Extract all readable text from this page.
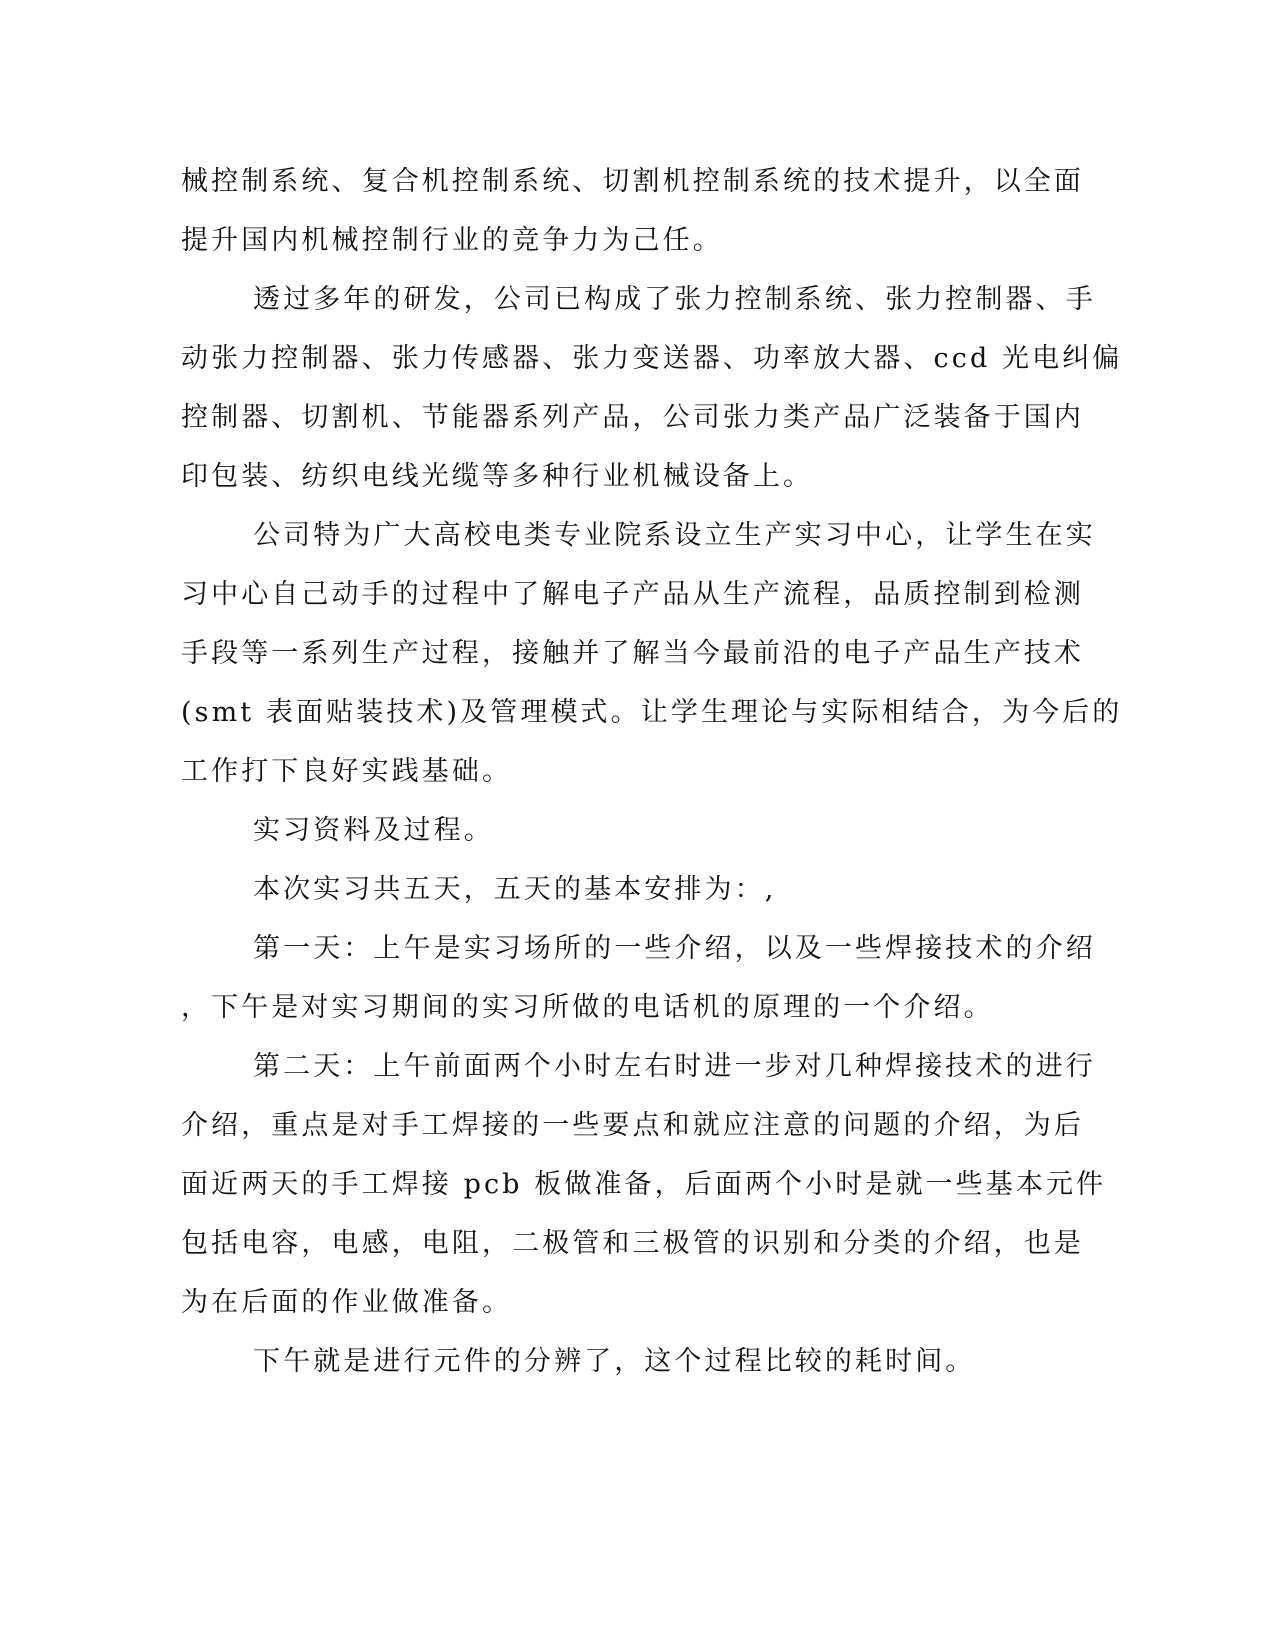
械控制系统、复合机控制系统、切割机控制系统的技术提升，以全面
提升国内机械控制行业的竞争力为己任。
透过多年的研发，公司已构成了张力控制系统、张力控制器、手
动张力控制器、张力传感器、张力变送器、功率放大器、ccd 光电纠偏
控制器、切割机、节能器系列产品，公司张力类产品广泛装备于国内
印包装、纺织电线光缆等多种行业机械设备上。
公司特为广大高校电类专业院系设立生产实习中心，让学生在实
习中心自己动手的过程中了解电子产品从生产流程，品质控制到检测
手段等一系列生产过程，接触并了解当今最前沿的电子产品生产技术
(smt 表面贴装技术)及管理模式。让学生理论与实际相结合，为今后的
工作打下良好实践基础。
实习资料及过程。
本次实习共五天，五天的基本安排为：,
第一天：上午是实习场所的一些介绍，以及一些焊接技术的介绍
，下午是对实习期间的实习所做的电话机的原理的一个介绍。
第二天：上午前面两个小时左右时进一步对几种焊接技术的进行
介绍，重点是对手工焊接的一些要点和就应注意的问题的介绍，为后
面近两天的手工焊接 pcb 板做准备，后面两个小时是就一些基本元件
包括电容，电感，电阻，二极管和三极管的识别和分类的介绍，也是
为在后面的作业做准备。
下午就是进行元件的分辨了，这个过程比较的耗时间。
